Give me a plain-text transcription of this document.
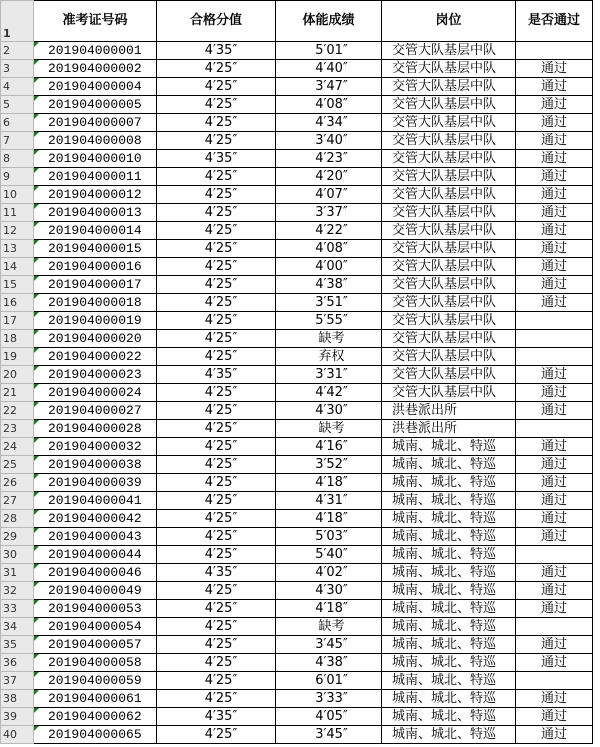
1	准考证号码	合格分值	体能成绩	岗位	是否通过
2	201904000001	4′35″	5′01″	交管大队基层中队	
3	201904000002	4′25″	4′40″	交管大队基层中队	通过
4	201904000004	4′25″	3′47″	交管大队基层中队	通过
5	201904000005	4′25″	4′08″	交管大队基层中队	通过
6	201904000007	4′25″	4′34″	交管大队基层中队	通过
7	201904000008	4′25″	3′40″	交管大队基层中队	通过
8	201904000010	4′35″	4′23″	交管大队基层中队	通过
9	201904000011	4′25″	4′20″	交管大队基层中队	通过
10	201904000012	4′25″	4′07″	交管大队基层中队	通过
11	201904000013	4′25″	3′37″	交管大队基层中队	通过
12	201904000014	4′25″	4′22″	交管大队基层中队	通过
13	201904000015	4′25″	4′08″	交管大队基层中队	通过
14	201904000016	4′25″	4′00″	交管大队基层中队	通过
15	201904000017	4′25″	4′38″	交管大队基层中队	通过
16	201904000018	4′25″	3′51″	交管大队基层中队	通过
17	201904000019	4′25″	5′55″	交管大队基层中队	
18	201904000020	4′25″	缺考	交管大队基层中队	
19	201904000022	4′25″	弃权	交管大队基层中队	
20	201904000023	4′35″	3′31″	交管大队基层中队	通过
21	201904000024	4′25″	4′42″	交管大队基层中队	通过
22	201904000027	4′25″	4′30″	洪巷派出所	通过
23	201904000028	4′25″	缺考	洪巷派出所	
24	201904000032	4′25″	4′16″	城南、城北、特巡	通过
25	201904000038	4′25″	3′52″	城南、城北、特巡	通过
26	201904000039	4′25″	4′18″	城南、城北、特巡	通过
27	201904000041	4′25″	4′31″	城南、城北、特巡	通过
28	201904000042	4′25″	4′18″	城南、城北、特巡	通过
29	201904000043	4′25″	5′03″	城南、城北、特巡	通过
30	201904000044	4′25″	5′40″	城南、城北、特巡	
31	201904000046	4′35″	4′02″	城南、城北、特巡	通过
32	201904000049	4′25″	4′30″	城南、城北、特巡	通过
33	201904000053	4′25″	4′18″	城南、城北、特巡	通过
34	201904000054	4′25″	缺考	城南、城北、特巡	
35	201904000057	4′25″	3′45″	城南、城北、特巡	通过
36	201904000058	4′25″	4′38″	城南、城北、特巡	通过
37	201904000059	4′25″	6′01″	城南、城北、特巡	
38	201904000061	4′25″	3′33″	城南、城北、特巡	通过
39	201904000062	4′35″	4′05″	城南、城北、特巡	通过
40	201904000065	4′25″	3′45″	城南、城北、特巡	通过
